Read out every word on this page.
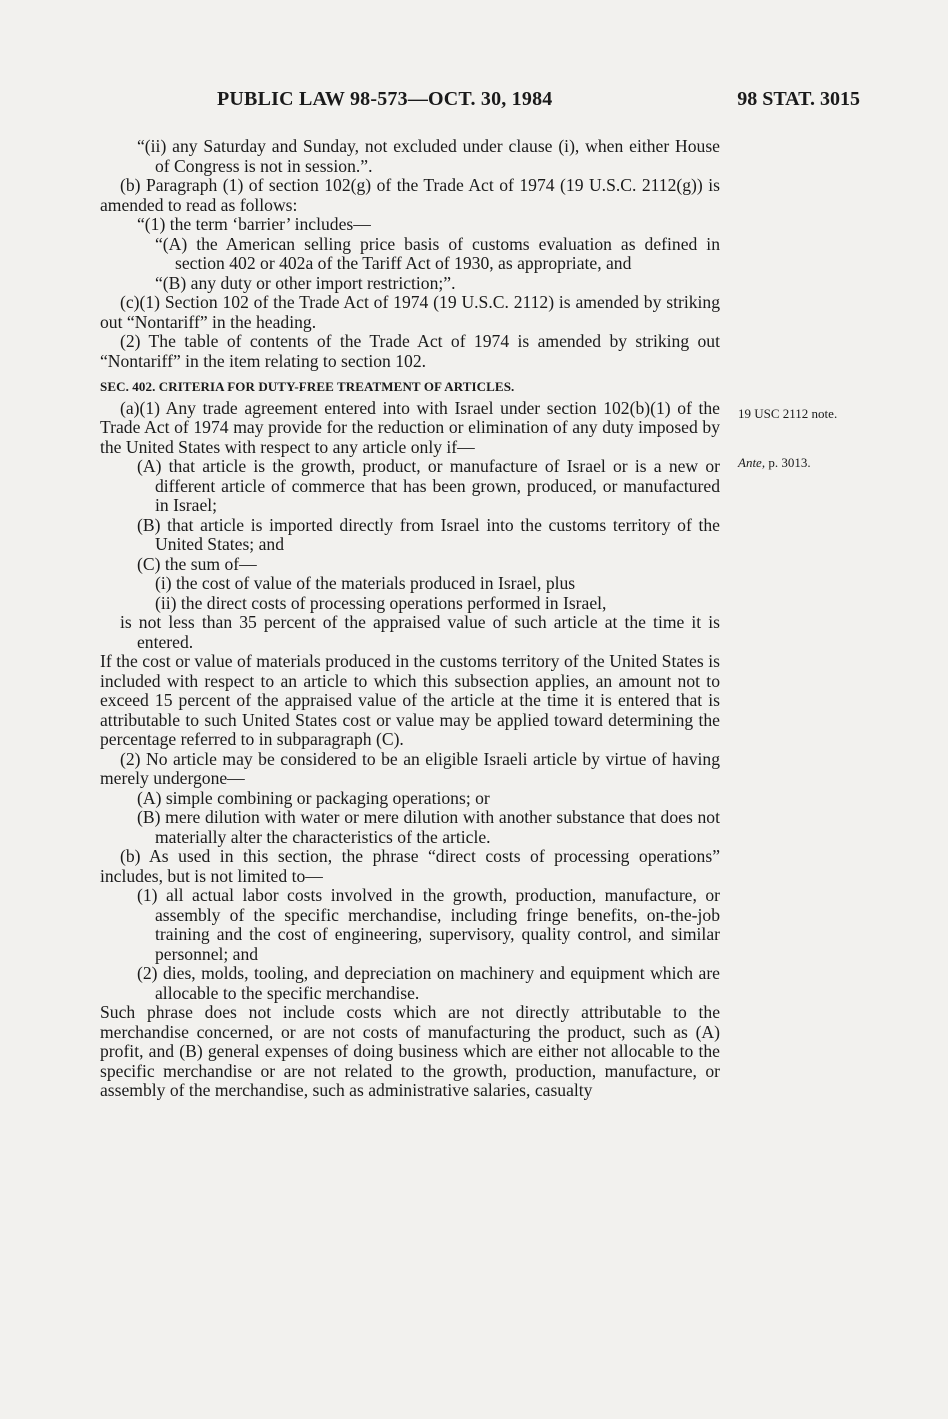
PUBLIC LAW 98-573—OCT. 30, 1984	98 STAT. 3015

“(ii) any Saturday and Sunday, not excluded under clause (i), when either House of Congress is not in session.”.

(b) Paragraph (1) of section 102(g) of the Trade Act of 1974 (19 U.S.C. 2112(g)) is amended to read as follows:

“(1) the term ‘barrier’ includes—

“(A) the American selling price basis of customs evaluation as defined in section 402 or 402a of the Tariff Act of 1930, as appropriate, and

“(B) any duty or other import restriction;”.

(c)(1) Section 102 of the Trade Act of 1974 (19 U.S.C. 2112) is amended by striking out “Nontariff” in the heading.

(2) The table of contents of the Trade Act of 1974 is amended by striking out “Nontariff” in the item relating to section 102.

SEC. 402. CRITERIA FOR DUTY-FREE TREATMENT OF ARTICLES.

(a)(1) Any trade agreement entered into with Israel under section 102(b)(1) of the Trade Act of 1974 may provide for the reduction or elimination of any duty imposed by the United States with respect to any article only if—

(A) that article is the growth, product, or manufacture of Israel or is a new or different article of commerce that has been grown, produced, or manufactured in Israel;

(B) that article is imported directly from Israel into the customs territory of the United States; and

(C) the sum of—

(i) the cost of value of the materials produced in Israel, plus

(ii) the direct costs of processing operations performed in Israel,

is not less than 35 percent of the appraised value of such article at the time it is entered.

If the cost or value of materials produced in the customs territory of the United States is included with respect to an article to which this subsection applies, an amount not to exceed 15 percent of the appraised value of the article at the time it is entered that is attributable to such United States cost or value may be applied toward determining the percentage referred to in subparagraph (C).

(2) No article may be considered to be an eligible Israeli article by virtue of having merely undergone—

(A) simple combining or packaging operations; or

(B) mere dilution with water or mere dilution with another substance that does not materially alter the characteristics of the article.

(b) As used in this section, the phrase “direct costs of processing operations” includes, but is not limited to—

(1) all actual labor costs involved in the growth, production, manufacture, or assembly of the specific merchandise, including fringe benefits, on-the-job training and the cost of engineering, supervisory, quality control, and similar personnel; and

(2) dies, molds, tooling, and depreciation on machinery and equipment which are allocable to the specific merchandise.

Such phrase does not include costs which are not directly attributable to the merchandise concerned, or are not costs of manufacturing the product, such as (A) profit, and (B) general expenses of doing business which are either not allocable to the specific merchandise or are not related to the growth, production, manufacture, or assembly of the merchandise, such as administrative salaries, casualty

19 USC 2112 note.
Ante, p. 3013.
